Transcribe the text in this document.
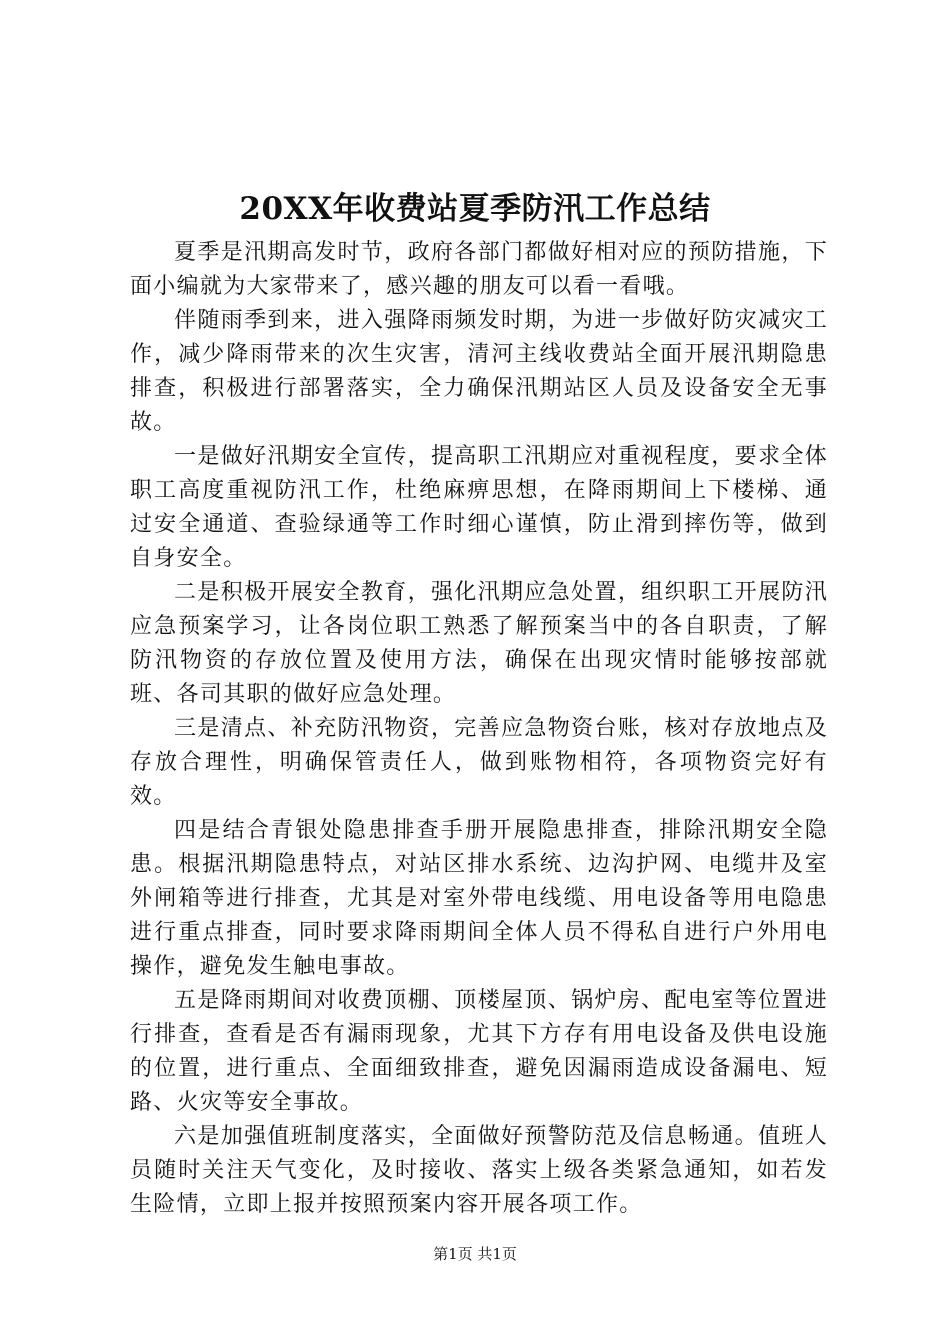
20XX年收费站夏季防汛工作总结

夏季是汛期高发时节，政府各部门都做好相对应的预防措施，下面小编就为大家带来了，感兴趣的朋友可以看一看哦。

伴随雨季到来，进入强降雨频发时期，为进一步做好防灾减灾工作，减少降雨带来的次生灾害，清河主线收费站全面开展汛期隐患排查，积极进行部署落实，全力确保汛期站区人员及设备安全无事故。

一是做好汛期安全宣传，提高职工汛期应对重视程度，要求全体职工高度重视防汛工作，杜绝麻痹思想，在降雨期间上下楼梯、通过安全通道、查验绿通等工作时细心谨慎，防止滑到摔伤等，做到自身安全。

二是积极开展安全教育，强化汛期应急处置，组织职工开展防汛应急预案学习，让各岗位职工熟悉了解预案当中的各自职责，了解防汛物资的存放位置及使用方法，确保在出现灾情时能够按部就班、各司其职的做好应急处理。

三是清点、补充防汛物资，完善应急物资台账，核对存放地点及存放合理性，明确保管责任人，做到账物相符，各项物资完好有效。

四是结合青银处隐患排查手册开展隐患排查，排除汛期安全隐患。根据汛期隐患特点，对站区排水系统、边沟护网、电缆井及室外闸箱等进行排查，尤其是对室外带电线缆、用电设备等用电隐患进行重点排查，同时要求降雨期间全体人员不得私自进行户外用电操作，避免发生触电事故。

五是降雨期间对收费顶棚、顶楼屋顶、锅炉房、配电室等位置进行排查，查看是否有漏雨现象，尤其下方存有用电设备及供电设施的位置，进行重点、全面细致排查，避免因漏雨造成设备漏电、短路、火灾等安全事故。

六是加强值班制度落实，全面做好预警防范及信息畅通。值班人员随时关注天气变化，及时接收、落实上级各类紧急通知，如若发生险情，立即上报并按照预案内容开展各项工作。

第1页 共1页
